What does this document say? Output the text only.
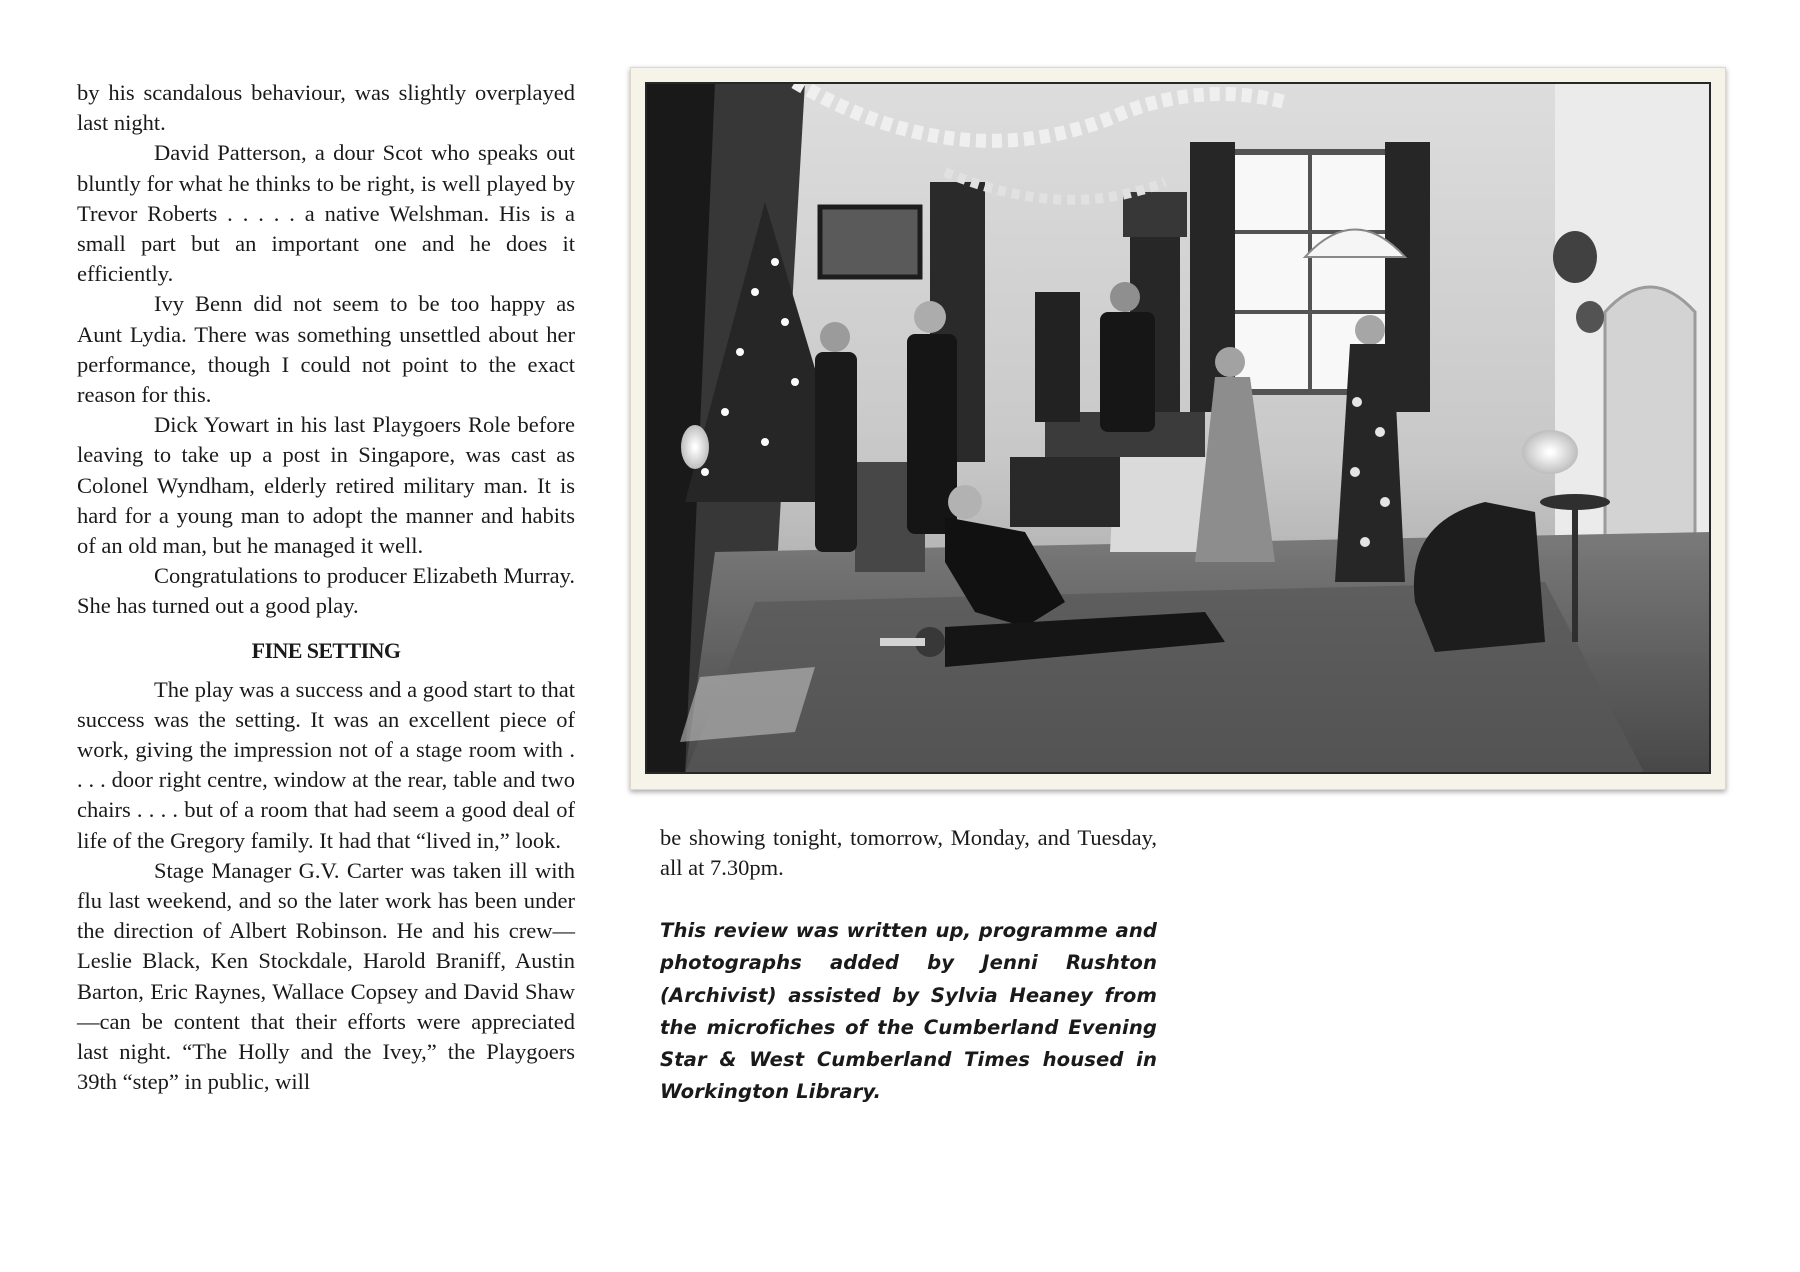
by his scandalous behaviour, was slightly overplayed last night.

David Patterson, a dour Scot who speaks out bluntly for what he thinks to be right, is well played by Trevor Roberts . . . . . a native Welshman. His is a small part but an important one and he does it efficiently.

Ivy Benn did not seem to be too happy as Aunt Lydia. There was something unsettled about her performance, though I could not point to the exact reason for this.

Dick Yowart in his last Playgoers Role before leaving to take up a post in Singapore, was cast as Colonel Wyndham, elderly retired military man. It is hard for a young man to adopt the manner and habits of an old man, but he managed it well.

Congratulations to producer Elizabeth Murray. She has turned out a good play.

FINE SETTING

The play was a success and a good start to that success was the setting. It was an excellent piece of work, giving the impression not of a stage room with . . . . door right centre, window at the rear, table and two chairs . . . . but of a room that had seem a good deal of life of the Gregory family. It had that “lived in,” look.

Stage Manager G.V. Carter was taken ill with flu last weekend, and so the later work has been under the direction of Albert Robinson. He and his crew—Leslie Black, Ken Stockdale, Harold Braniff, Austin Barton, Eric Raynes, Wallace Copsey and David Shaw—can be content that their efforts were appreciated last night. “The Holly and the Ivey,” the Playgoers 39th “step” in public, will

be showing tonight, tomorrow, Monday, and Tuesday, all at 7.30pm.

This review was written up, programme and photographs added by Jenni Rushton (Archivist) assisted by Sylvia Heaney from the microfiches of the Cumberland Evening Star & West Cumberland Times housed in Workington Library.
